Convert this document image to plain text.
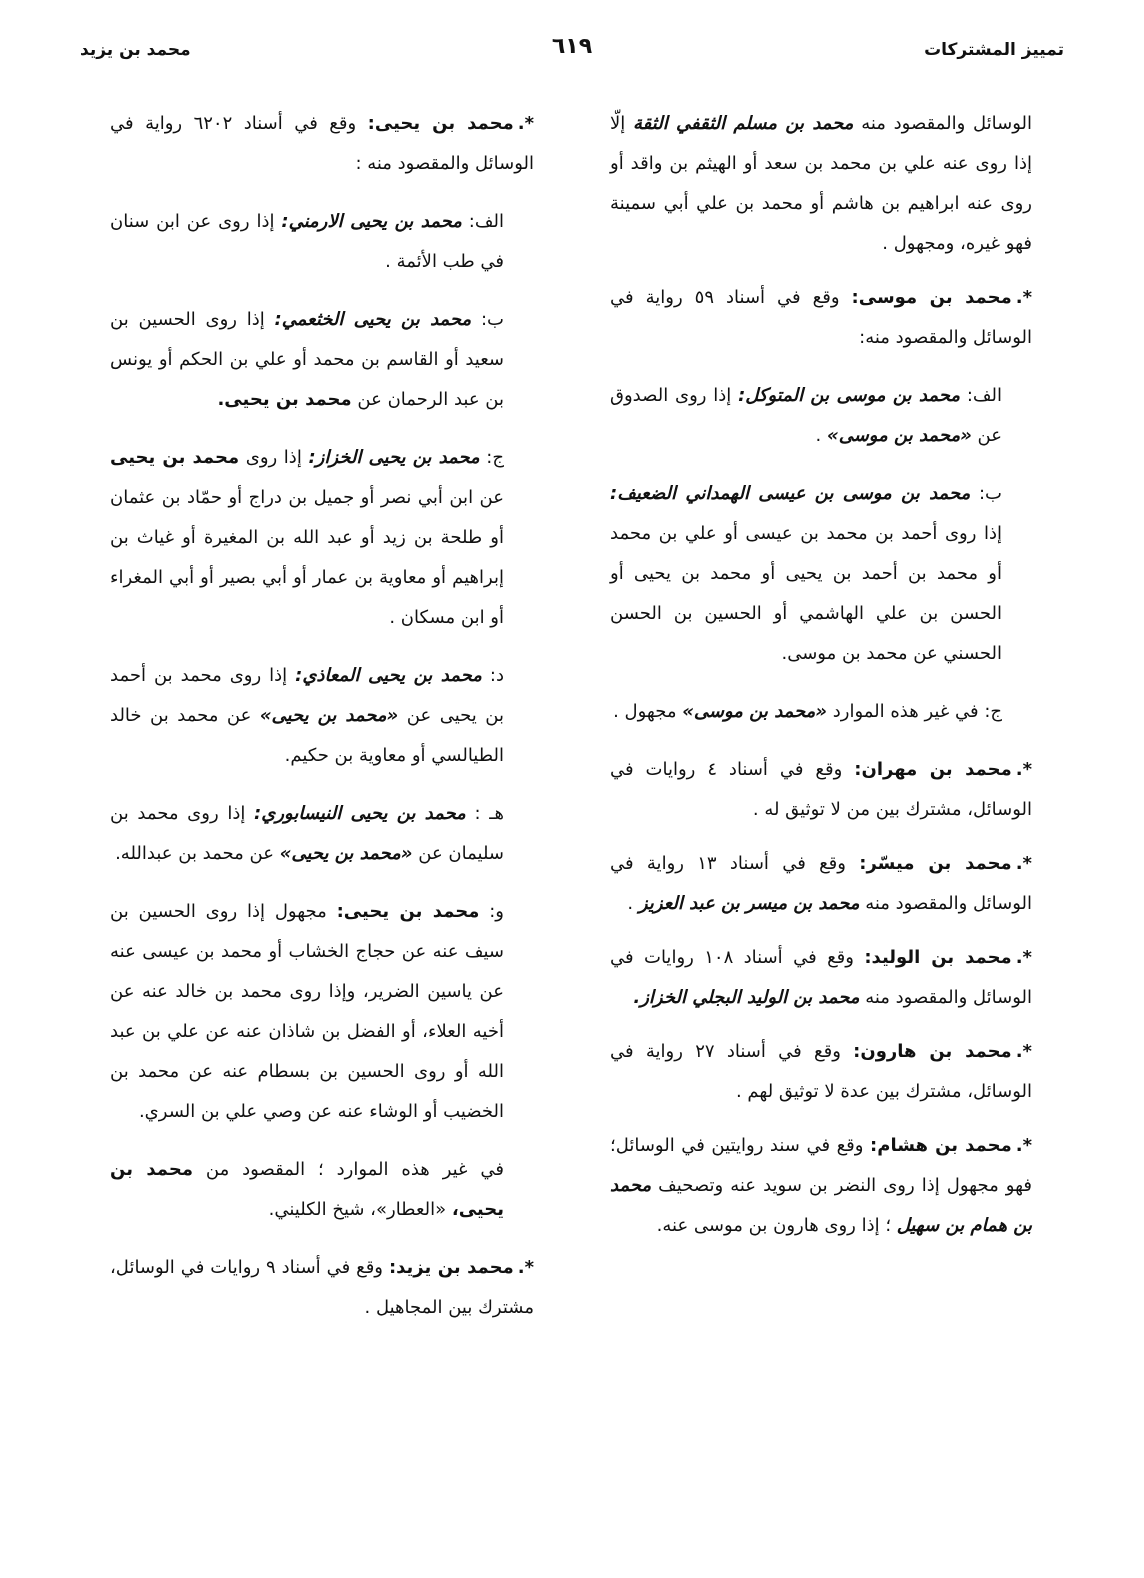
تمييز المشتركات
٦١٩
محمد بن يزيد

الوسائل والمقصود منه محمد بن مسلم الثقفي الثقة إلّا إذا روى عنه علي بن محمد بن سعد أو الهيثم بن واقد أو روى عنه ابراهيم بن هاشم أو محمد بن علي أبي سمينة فهو غيره، ومجهول .

*.محمد بن موسى: وقع في أسناد ٥٩ رواية في الوسائل والمقصود منه:

الف: محمد بن موسى بن المتوكل: إذا روى الصدوق عن «محمد بن موسى» .

ب: محمد بن موسى بن عيسى الهمداني الضعيف: إذا روى أحمد بن محمد بن عيسى أو علي بن محمد أو محمد بن أحمد بن يحيى أو محمد بن يحيى أو الحسن بن علي الهاشمي أو الحسين بن الحسن الحسني عن محمد بن موسى.

ج: في غير هذه الموارد «محمد بن موسى» مجهول .

*.محمد بن مهران: وقع في أسناد ٤ روايات في الوسائل، مشترك بين من لا توثيق له .

*.محمد بن ميسّر: وقع في أسناد ١٣ رواية في الوسائل والمقصود منه محمد بن ميسر بن عبد العزيز .

*.محمد بن الوليد: وقع في أسناد ١٠٨ روايات في الوسائل والمقصود منه محمد بن الوليد البجلي الخزاز.

*.محمد بن هارون: وقع في أسناد ٢٧ رواية في الوسائل، مشترك بين عدة لا توثيق لهم .

*.محمد بن هشام: وقع في سند روايتين في الوسائل؛ فهو مجهول إذا روى النضر بن سويد عنه وتصحيف محمد بن همام بن سهيل ؛ إذا روى هارون بن موسى عنه.

*.محمد بن يحيى: وقع في أسناد ٦٢٠٢ رواية في الوسائل والمقصود منه :

الف: محمد بن يحيى الارمني: إذا روى عن ابن سنان في طب الأئمة .

ب: محمد بن يحيى الخثعمي: إذا روى الحسين بن سعيد أو القاسم بن محمد أو علي بن الحكم أو يونس بن عبد الرحمان عن محمد بن يحيى.

ج: محمد بن يحيى الخزاز: إذا روى محمد بن يحيى عن ابن أبي نصر أو جميل بن دراج أو حمّاد بن عثمان أو طلحة بن زيد أو عبد الله بن المغيرة أو غياث بن إبراهيم أو معاوية بن عمار أو أبي بصير أو أبي المغراء أو ابن مسكان .

د: محمد بن يحيى المعاذي: إذا روى محمد بن أحمد بن يحيى عن «محمد بن يحيى» عن محمد بن خالد الطيالسي أو معاوية بن حكيم.

هـ : محمد بن يحيى النيسابوري: إذا روى محمد بن سليمان عن «محمد بن يحيى» عن محمد بن عبدالله.

و: محمد بن يحيى: مجهول إذا روى الحسين بن سيف عنه عن حجاج الخشاب أو محمد بن عيسى عنه عن ياسين الضرير، وإذا روى محمد بن خالد عنه عن أخيه العلاء، أو الفضل بن شاذان عنه عن علي بن عبد الله أو روى الحسين بن بسطام عنه عن محمد بن الخضيب أو الوشاء عنه عن وصي علي بن السري.

في غير هذه الموارد ؛ المقصود من محمد بن يحيى، «العطار»، شيخ الكليني.

*.محمد بن يزيد: وقع في أسناد ٩ روايات في الوسائل، مشترك بين المجاهيل .
